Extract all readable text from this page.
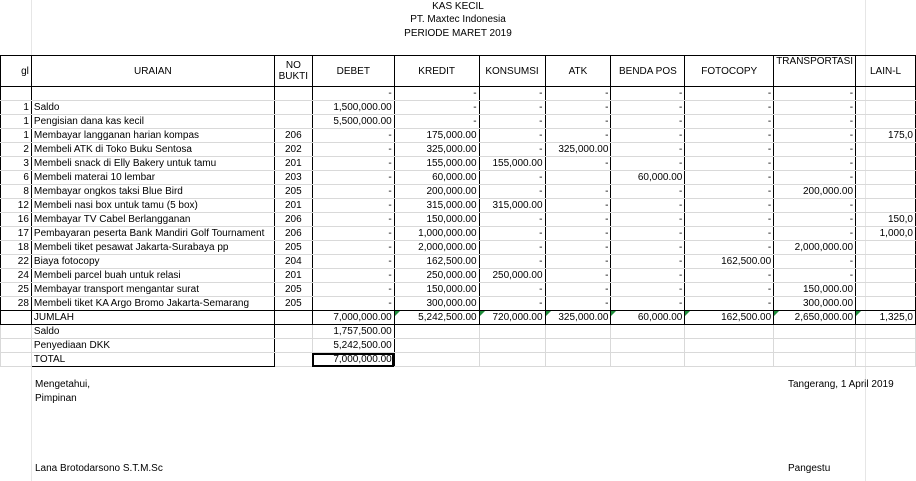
KAS KECIL
PT. Maxtec Indonesia
PERIODE MARET 2019
gl	URAIAN	NO BUKTI	DEBET	KREDIT	KONSUMSI	ATK	BENDA POS	FOTOCOPY	TRANSPORTASI	LAIN-L
			-	-	-	-	-	-	-	
1	Saldo		1,500,000.00	-	-	-	-	-	-	
1	Pengisian dana kas kecil		5,500,000.00	-	-	-	-	-	-	
1	Membayar langganan harian kompas	206	-	175,000.00	-	-	-	-	-	175,0
2	Membeli ATK di Toko Buku Sentosa	202	-	325,000.00	-	325,000.00	-	-	-	
3	Membeli snack di Elly Bakery untuk tamu	201	-	155,000.00	155,000.00	-	-	-	-	
6	Membeli materai 10 lembar	203	-	60,000.00	-		60,000.00	-	-	
8	Membayar ongkos taksi Blue Bird	205	-	200,000.00	-	-	-	-	200,000.00	
12	Membeli nasi box untuk tamu (5 box)	201	-	315,000.00	315,000.00	-	-	-	-	
16	Membayar TV Cabel Berlangganan	206	-	150,000.00	-	-	-	-	-	150,0
17	Pembayaran peserta Bank Mandiri Golf Tournament	206	-	1,000,000.00	-	-	-	-	-	1,000,0
18	Membeli tiket pesawat Jakarta-Surabaya pp	205	-	2,000,000.00	-	-	-	-	2,000,000.00	
22	Biaya fotocopy	204	-	162,500.00	-	-	-	162,500.00	-	
24	Membeli parcel buah untuk relasi	201	-	250,000.00	250,000.00	-	-	-	-	
25	Membayar transport mengantar surat	205	-	150,000.00	-	-	-	-	150,000.00	
28	Membeli tiket KA Argo Bromo Jakarta-Semarang	205	-	300,000.00	-	-	-	-	300,000.00	
	JUMLAH		7,000,000.00	5,242,500.00	720,000.00	325,000.00	60,000.00	162,500.00	2,650,000.00	1,325,0
	Saldo		1,757,500.00							
	Penyediaan DKK		5,242,500.00							
	TOTAL		7,000,000.00							
Mengetahui,
Pimpinan
Tangerang, 1 April 2019
Lana Brotodarsono S.T.M.Sc	Pangestu
